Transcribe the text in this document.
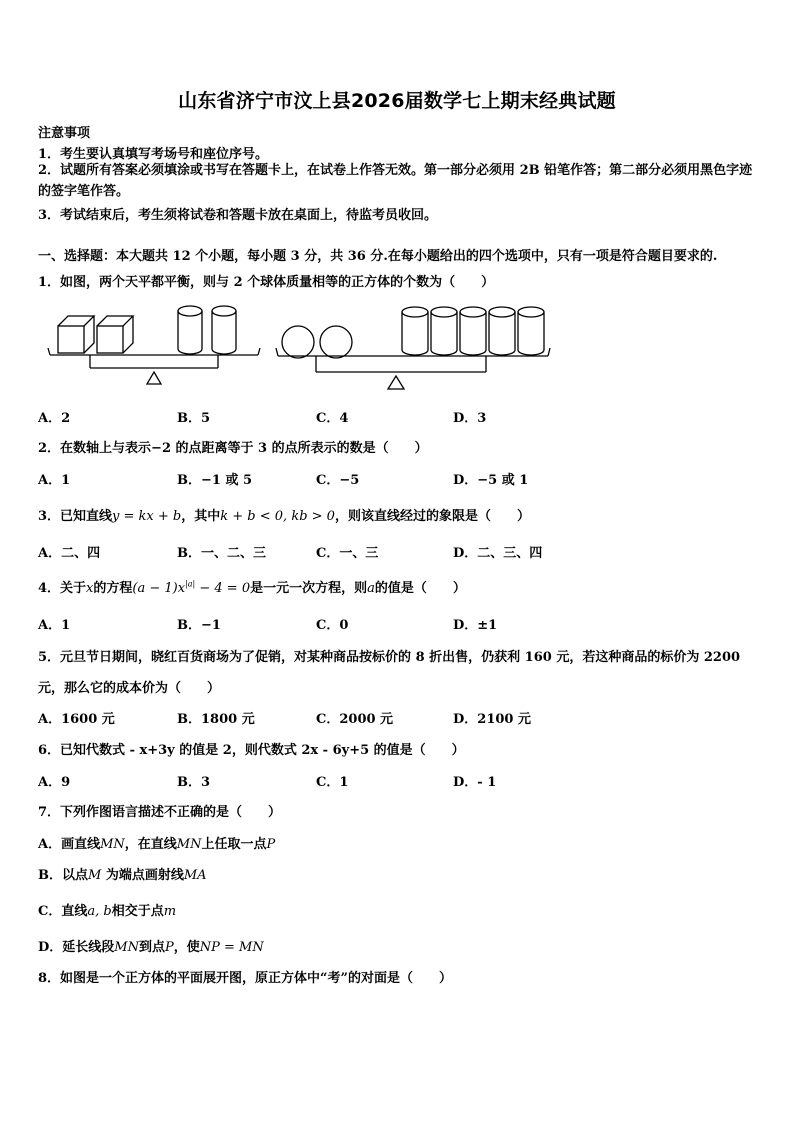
山东省济宁市汶上县2026届数学七上期末经典试题
注意事项
1．考生要认真填写考场号和座位序号。
2．试题所有答案必须填涂或书写在答题卡上，在试卷上作答无效。第一部分必须用 2B 铅笔作答；第二部分必须用黑色字迹的签字笔作答。
3．考试结束后，考生须将试卷和答题卡放在桌面上，待监考员收回。
一、选择题：本大题共 12 个小题，每小题 3 分，共 36 分.在每小题给出的四个选项中，只有一项是符合题目要求的.
1．如图，两个天平都平衡，则与 2 个球体质量相等的正方体的个数为（　　）
A．2	B．5	C．4	D．3
2．在数轴上与表示−2 的点距离等于 3 的点所表示的数是（　　）
A．1	B．−1 或 5	C．−5	D．−5 或 1
3．已知直线y = kx + b，其中k + b < 0, kb > 0，则该直线经过的象限是（　　）
A．二、四	B．一、二、三	C．一、三	D．二、三、四
4．关于x的方程$(a - 1)x^{|a|} - 4 = 0$是一元一次方程，则a的值是（　　）
A．1	B．−1	C．0	D．±1
5．元旦节日期间，晓红百货商场为了促销，对某种商品按标价的 8 折出售，仍获利 160 元，若这种商品的标价为 2200
元，那么它的成本价为（　　）
A．1600 元	B．1800 元	C．2000 元	D．2100 元
6．已知代数式 - x+3y 的值是 2，则代数式 2x - 6y+5 的值是（　　）
A．9	B．3	C．1	D．- 1
7．下列作图语言描述不正确的是（　　）
A．画直线MN，在直线MN上任取一点P
B．以点M 为端点画射线MA
C．直线a, b相交于点m
D．延长线段MN到点P，使NP = MN
8．如图是一个正方体的平面展开图，原正方体中“考”的对面是（　　）
